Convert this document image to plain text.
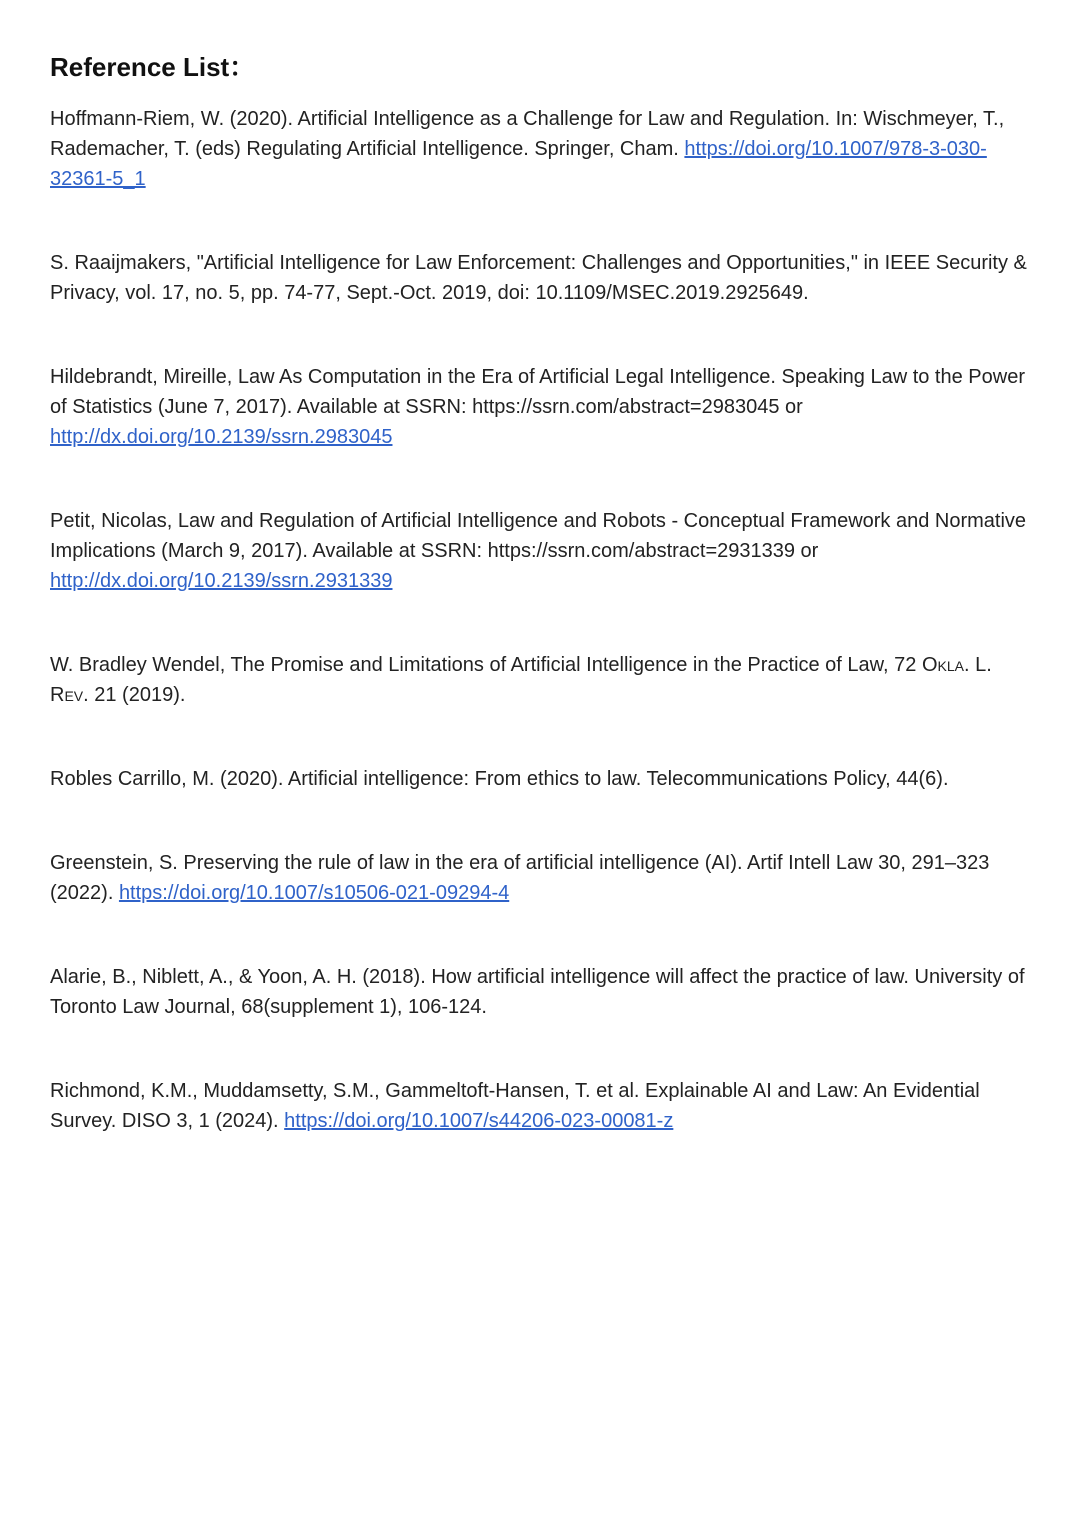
Reference List：
Hoffmann-Riem, W. (2020). Artificial Intelligence as a Challenge for Law and Regulation. In: Wischmeyer, T., Rademacher, T. (eds) Regulating Artificial Intelligence. Springer, Cham. https://doi.org/10.1007/978-3-030-32361-5_1
S. Raaijmakers, "Artificial Intelligence for Law Enforcement: Challenges and Opportunities," in IEEE Security & Privacy, vol. 17, no. 5, pp. 74-77, Sept.-Oct. 2019, doi: 10.1109/MSEC.2019.2925649.
Hildebrandt, Mireille, Law As Computation in the Era of Artificial Legal Intelligence. Speaking Law to the Power of Statistics (June 7, 2017). Available at SSRN: https://ssrn.com/abstract=2983045 or http://dx.doi.org/10.2139/ssrn.2983045
Petit, Nicolas, Law and Regulation of Artificial Intelligence and Robots - Conceptual Framework and Normative Implications (March 9, 2017). Available at SSRN: https://ssrn.com/abstract=2931339 or http://dx.doi.org/10.2139/ssrn.2931339
W. Bradley Wendel, The Promise and Limitations of Artificial Intelligence in the Practice of Law, 72 Okla. L. Rev. 21 (2019).
Robles Carrillo, M. (2020). Artificial intelligence: From ethics to law. Telecommunications Policy, 44(6).
Greenstein, S. Preserving the rule of law in the era of artificial intelligence (AI). Artif Intell Law 30, 291–323 (2022). https://doi.org/10.1007/s10506-021-09294-4
Alarie, B., Niblett, A., & Yoon, A. H. (2018). How artificial intelligence will affect the practice of law. University of Toronto Law Journal, 68(supplement 1), 106-124.
Richmond, K.M., Muddamsetty, S.M., Gammeltoft-Hansen, T. et al. Explainable AI and Law: An Evidential Survey. DISO 3, 1 (2024). https://doi.org/10.1007/s44206-023-00081-z
